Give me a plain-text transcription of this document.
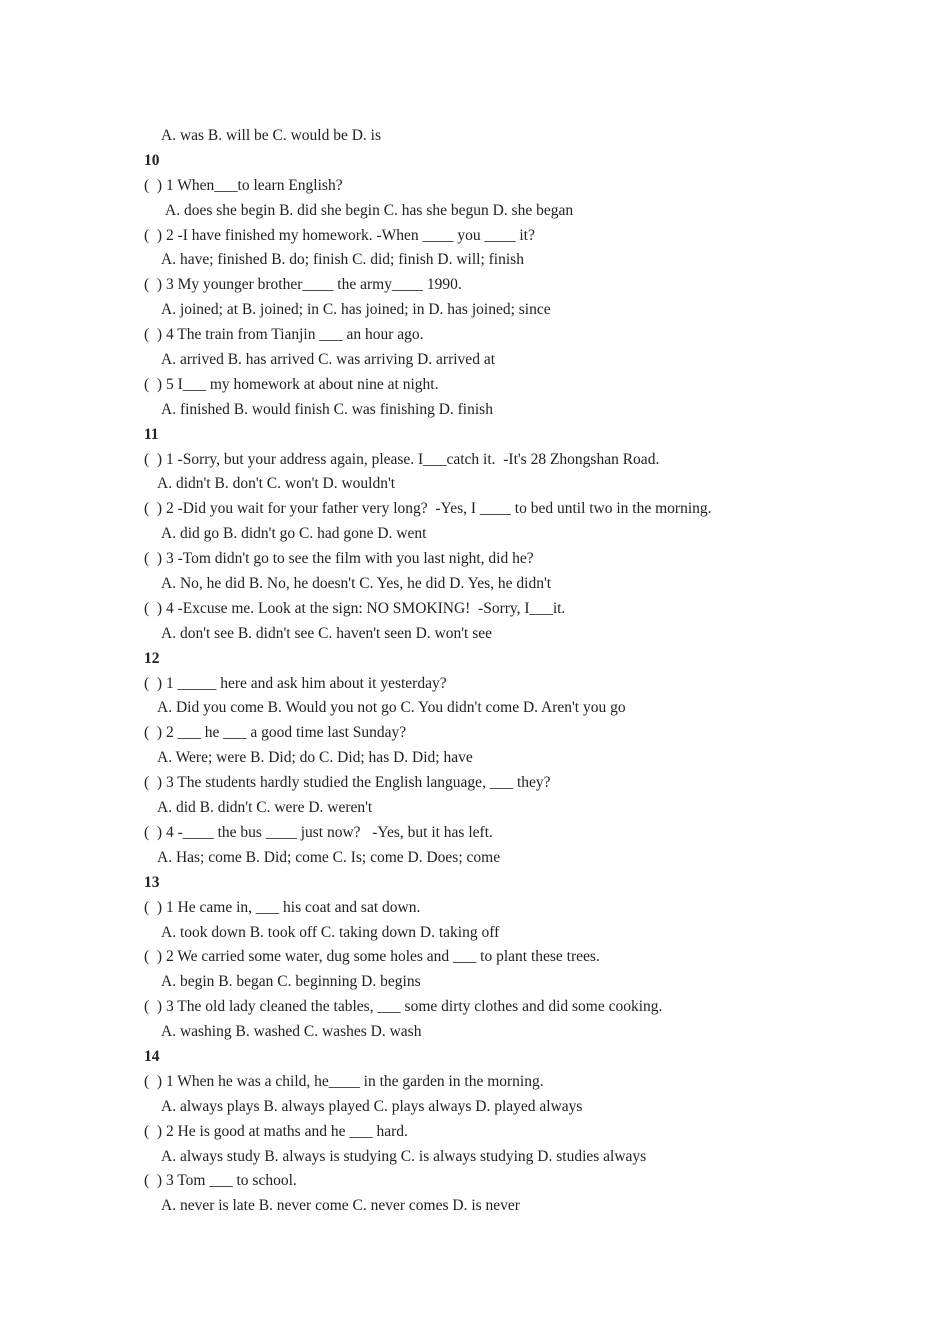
A. was B. will be C. would be D. is
10
(  ) 1 When___to learn English?
A. does she begin B. did she begin C. has she begun D. she began
(  ) 2 -I have finished my homework. -When ____ you ____ it?
A. have; finished B. do; finish C. did; finish D. will; finish
(  ) 3 My younger brother____ the army____ 1990.
A. joined; at B. joined; in C. has joined; in D. has joined; since
(  ) 4 The train from Tianjin ___ an hour ago.
A. arrived B. has arrived C. was arriving D. arrived at
(  ) 5 I___ my homework at about nine at night.
A. finished B. would finish C. was finishing D. finish
11
(  ) 1 -Sorry, but your address again, please. I___catch it.  -It's 28 Zhongshan Road.
A. didn't B. don't C. won't D. wouldn't
(  ) 2 -Did you wait for your father very long?  -Yes, I ____ to bed until two in the morning.
A. did go B. didn't go C. had gone D. went
(  ) 3 -Tom didn't go to see the film with you last night, did he?
A. No, he did B. No, he doesn't C. Yes, he did D. Yes, he didn't
(  ) 4 -Excuse me. Look at the sign: NO SMOKING!  -Sorry, I___it.
A. don't see B. didn't see C. haven't seen D. won't see
12
(  ) 1 _____ here and ask him about it yesterday?
A. Did you come B. Would you not go C. You didn't come D. Aren't you go
(  ) 2 ___ he ___ a good time last Sunday?
A. Were; were B. Did; do C. Did; has D. Did; have
(  ) 3 The students hardly studied the English language, ___ they?
A. did B. didn't C. were D. weren't
(  ) 4 -____ the bus ____ just now?   -Yes, but it has left.
A. Has; come B. Did; come C. Is; come D. Does; come
13
(  ) 1 He came in, ___ his coat and sat down.
A. took down B. took off C. taking down D. taking off
(  ) 2 We carried some water, dug some holes and ___ to plant these trees.
A. begin B. began C. beginning D. begins
(  ) 3 The old lady cleaned the tables, ___ some dirty clothes and did some cooking.
A. washing B. washed C. washes D. wash
14
(  ) 1 When he was a child, he____ in the garden in the morning.
A. always plays B. always played C. plays always D. played always
(  ) 2 He is good at maths and he ___ hard.
A. always study B. always is studying C. is always studying D. studies always
(  ) 3 Tom ___ to school.
A. never is late B. never come C. never comes D. is never
